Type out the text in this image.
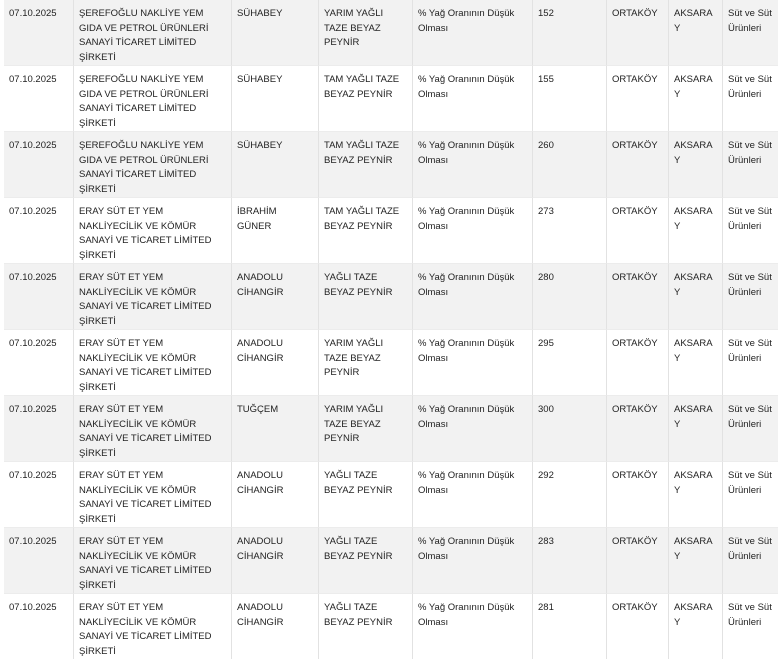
07.10.2025	ŞEREFOĞLU NAKLİYE YEM GIDA VE PETROL ÜRÜNLERİ SANAYİ TİCARET LİMİTED ŞİRKETİ	SÜHABEY	YARIM YAĞLI TAZE BEYAZ PEYNİR	% Yağ Oranının Düşük Olması	152	ORTAKÖY	AKSARAY	Süt ve Süt Ürünleri
07.10.2025	ŞEREFOĞLU NAKLİYE YEM GIDA VE PETROL ÜRÜNLERİ SANAYİ TİCARET LİMİTED ŞİRKETİ	SÜHABEY	TAM YAĞLI TAZE BEYAZ PEYNİR	% Yağ Oranının Düşük Olması	155	ORTAKÖY	AKSARAY	Süt ve Süt Ürünleri
07.10.2025	ŞEREFOĞLU NAKLİYE YEM GIDA VE PETROL ÜRÜNLERİ SANAYİ TİCARET LİMİTED ŞİRKETİ	SÜHABEY	TAM YAĞLI TAZE BEYAZ PEYNİR	% Yağ Oranının Düşük Olması	260	ORTAKÖY	AKSARAY	Süt ve Süt Ürünleri
07.10.2025	ERAY SÜT ET YEM NAKLİYECİLİK VE KÖMÜR SANAYİ VE TİCARET LİMİTED ŞİRKETİ	İBRAHİM GÜNER	TAM YAĞLI TAZE BEYAZ PEYNİR	% Yağ Oranının Düşük Olması	273	ORTAKÖY	AKSARAY	Süt ve Süt Ürünleri
07.10.2025	ERAY SÜT ET YEM NAKLİYECİLİK VE KÖMÜR SANAYİ VE TİCARET LİMİTED ŞİRKETİ	ANADOLU CİHANGİR	YAĞLI TAZE BEYAZ PEYNİR	% Yağ Oranının Düşük Olması	280	ORTAKÖY	AKSARAY	Süt ve Süt Ürünleri
07.10.2025	ERAY SÜT ET YEM NAKLİYECİLİK VE KÖMÜR SANAYİ VE TİCARET LİMİTED ŞİRKETİ	ANADOLU CİHANGİR	YARIM YAĞLI TAZE BEYAZ PEYNİR	% Yağ Oranının Düşük Olması	295	ORTAKÖY	AKSARAY	Süt ve Süt Ürünleri
07.10.2025	ERAY SÜT ET YEM NAKLİYECİLİK VE KÖMÜR SANAYİ VE TİCARET LİMİTED ŞİRKETİ	TUĞÇEM	YARIM YAĞLI TAZE BEYAZ PEYNİR	% Yağ Oranının Düşük Olması	300	ORTAKÖY	AKSARAY	Süt ve Süt Ürünleri
07.10.2025	ERAY SÜT ET YEM NAKLİYECİLİK VE KÖMÜR SANAYİ VE TİCARET LİMİTED ŞİRKETİ	ANADOLU CİHANGİR	YAĞLI TAZE BEYAZ PEYNİR	% Yağ Oranının Düşük Olması	292	ORTAKÖY	AKSARAY	Süt ve Süt Ürünleri
07.10.2025	ERAY SÜT ET YEM NAKLİYECİLİK VE KÖMÜR SANAYİ VE TİCARET LİMİTED ŞİRKETİ	ANADOLU CİHANGİR	YAĞLI TAZE BEYAZ PEYNİR	% Yağ Oranının Düşük Olması	283	ORTAKÖY	AKSARAY	Süt ve Süt Ürünleri
07.10.2025	ERAY SÜT ET YEM NAKLİYECİLİK VE KÖMÜR SANAYİ VE TİCARET LİMİTED ŞİRKETİ	ANADOLU CİHANGİR	YAĞLI TAZE BEYAZ PEYNİR	% Yağ Oranının Düşük Olması	281	ORTAKÖY	AKSARAY	Süt ve Süt Ürünleri
